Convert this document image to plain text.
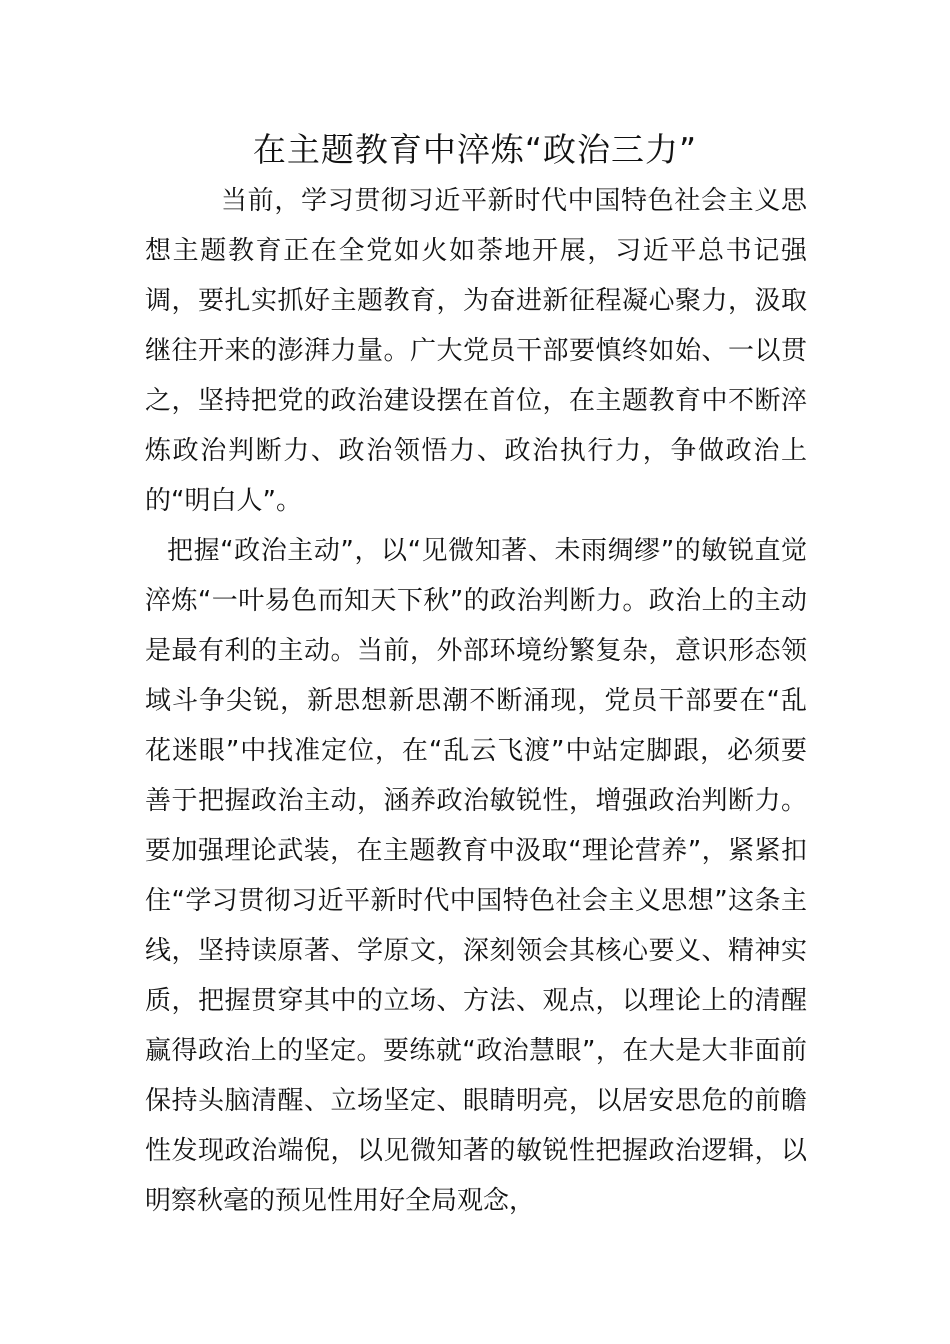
在主题教育中淬炼“政治三力”

当前，学习贯彻习近平新时代中国特色社会主义思想主题教育正在全党如火如荼地开展，习近平总书记强调，要扎实抓好主题教育，为奋进新征程凝心聚力，汲取继往开来的澎湃力量。广大党员干部要慎终如始、一以贯之，坚持把党的政治建设摆在首位，在主题教育中不断淬炼政治判断力、政治领悟力、政治执行力，争做政治上的“明白人”。

把握“政治主动”，以“见微知著、未雨绸缪”的敏锐直觉淬炼“一叶易色而知天下秋”的政治判断力。政治上的主动是最有利的主动。当前，外部环境纷繁复杂，意识形态领域斗争尖锐，新思想新思潮不断涌现，党员干部要在“乱花迷眼”中找准定位，在“乱云飞渡”中站定脚跟，必须要善于把握政治主动，涵养政治敏锐性，增强政治判断力。要加强理论武装，在主题教育中汲取“理论营养”，紧紧扣住“学习贯彻习近平新时代中国特色社会主义思想”这条主线，坚持读原著、学原文，深刻领会其核心要义、精神实质，把握贯穿其中的立场、方法、观点，以理论上的清醒赢得政治上的坚定。要练就“政治慧眼”，在大是大非面前保持头脑清醒、立场坚定、眼睛明亮，以居安思危的前瞻性发现政治端倪，以见微知著的敏锐性把握政治逻辑，以明察秋毫的预见性用好全局观念，
